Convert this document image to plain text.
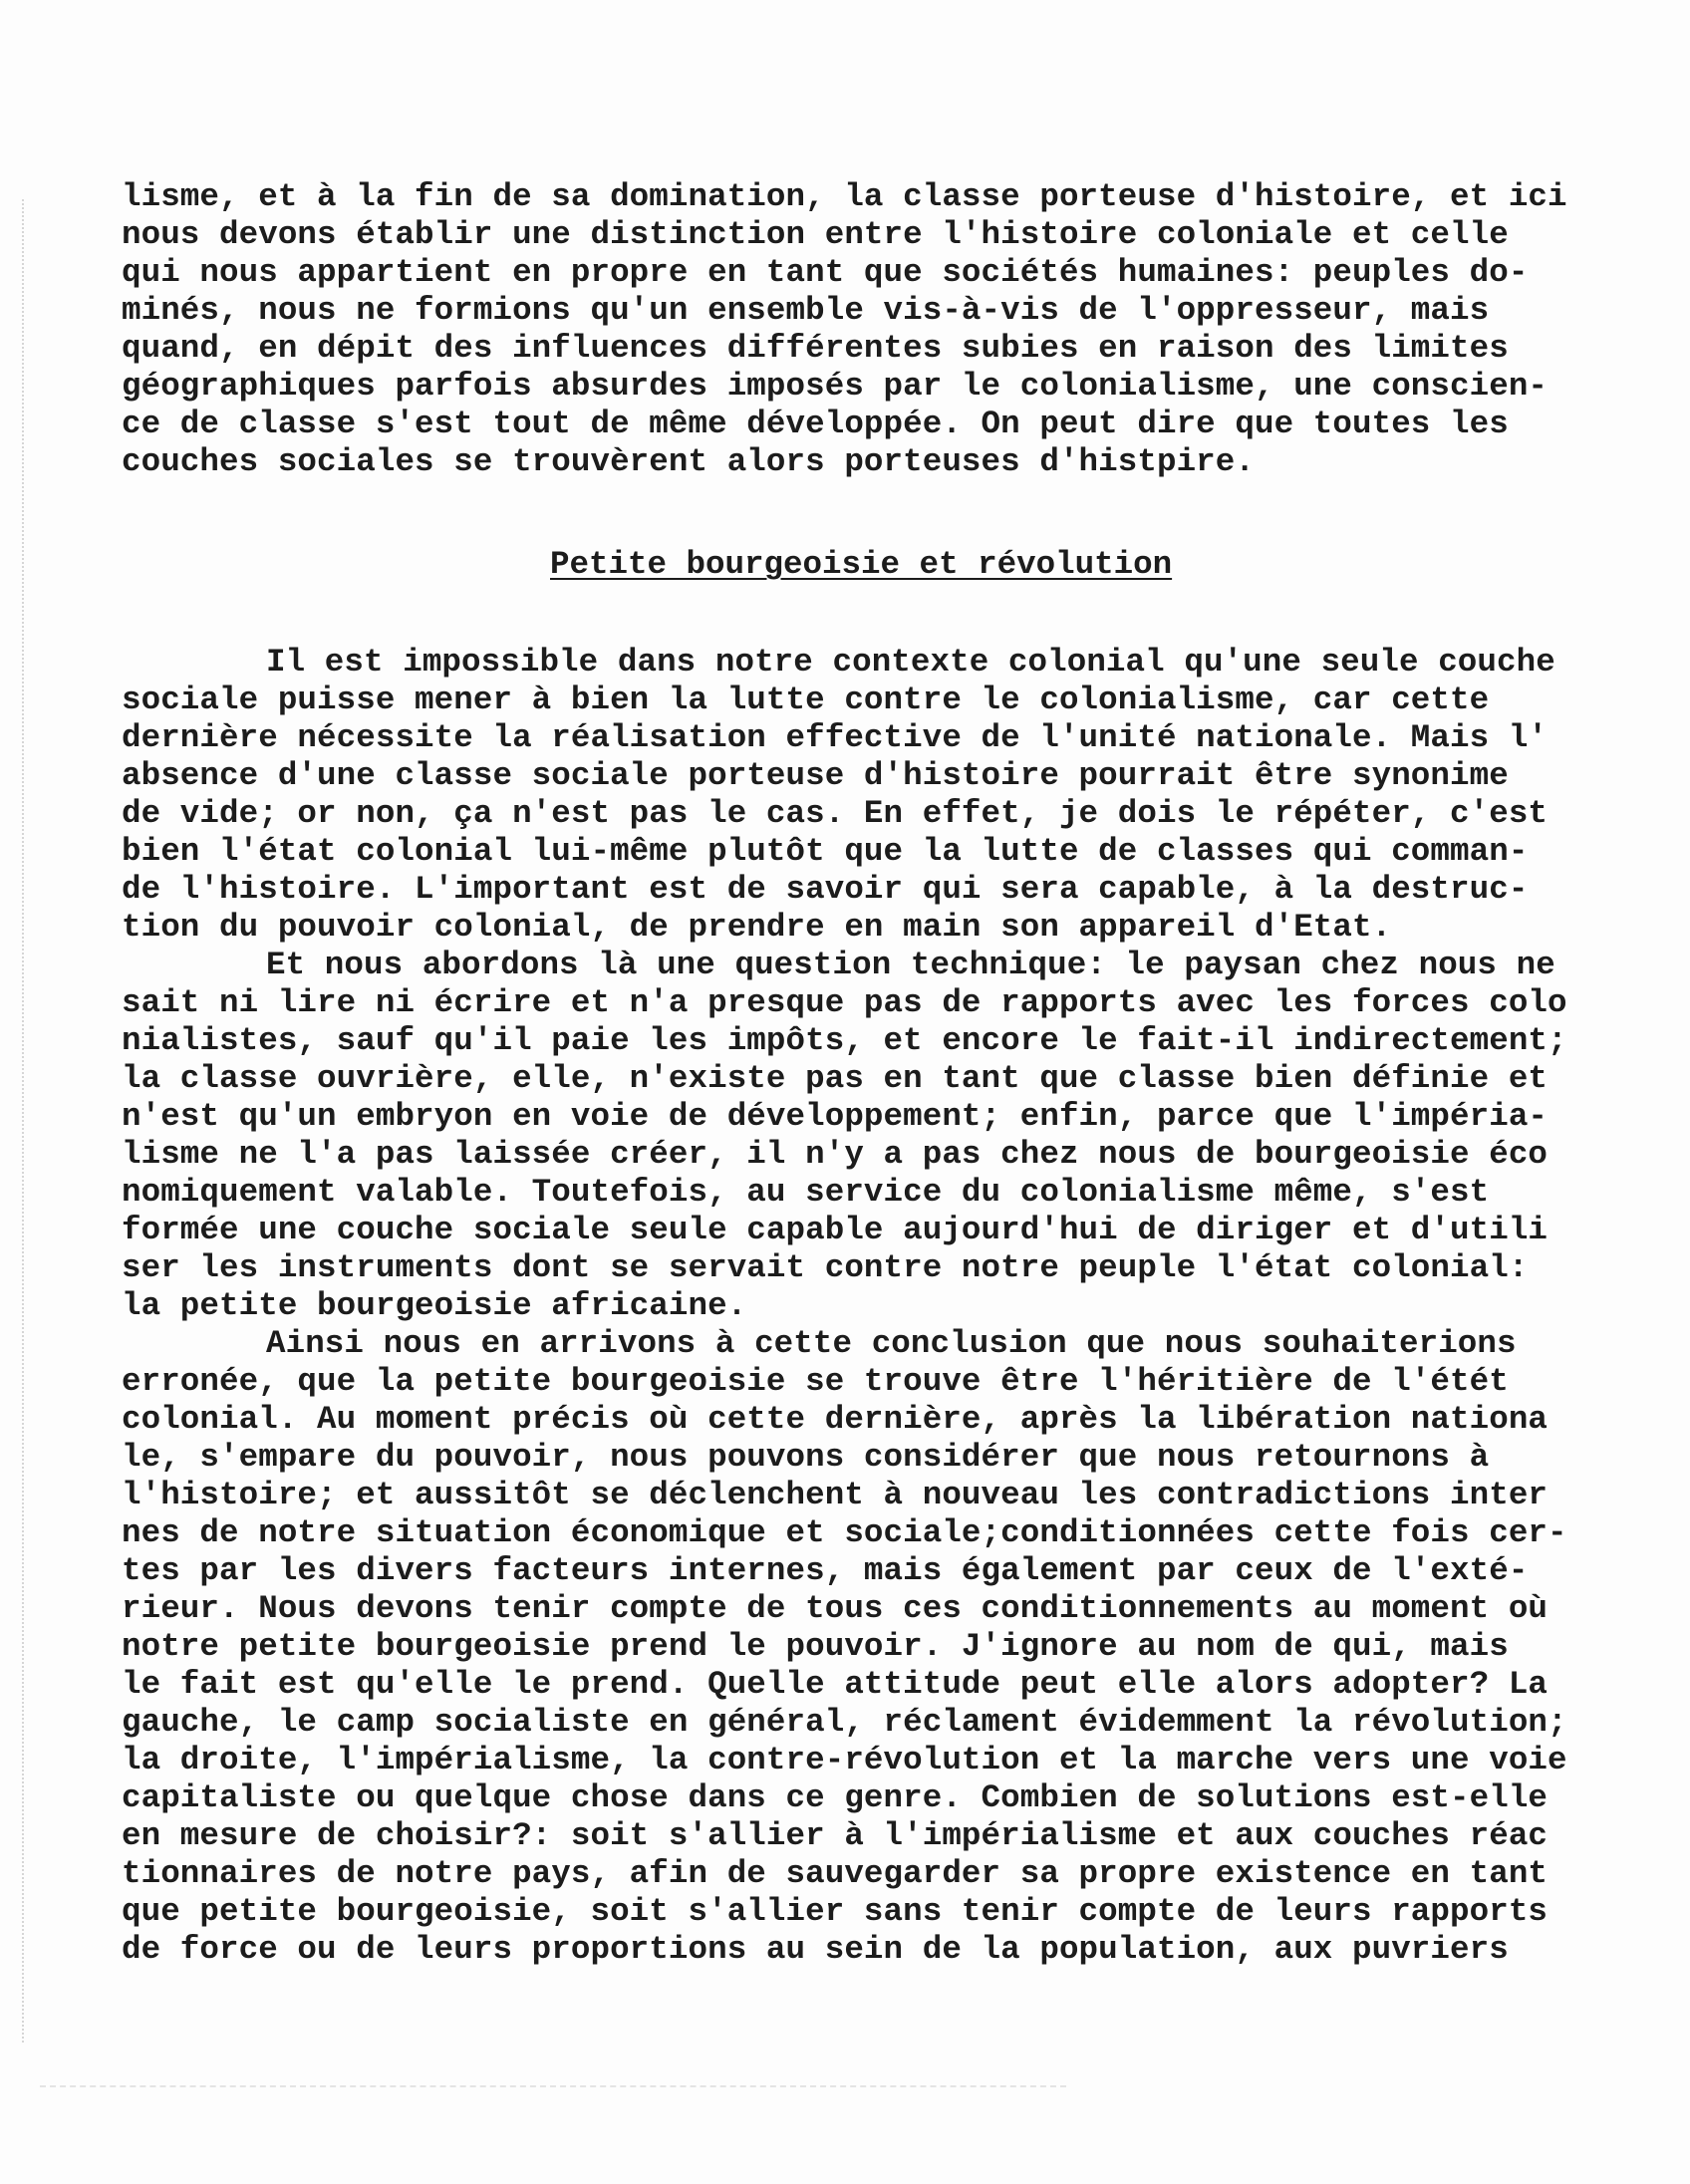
lisme, et à la fin de sa domination, la classe porteuse d'histoire, et ici
nous devons établir une distinction entre l'histoire coloniale et celle
qui nous appartient en propre en tant que sociétés humaines: peuples do-
minés, nous ne formions qu'un ensemble vis-à-vis de l'oppresseur, mais
quand, en dépit des influences différentes subies en raison des limites
géographiques parfois absurdes imposés par le colonialisme, une conscien-
ce de classe s'est tout de même développée. On peut dire que toutes les
couches sociales se trouvèrent alors porteuses d'histpire.
Petite bourgeoisie et révolution
Il est impossible dans notre contexte colonial qu'une seule couche
sociale puisse mener à bien la lutte contre le colonialisme, car cette
dernière nécessite la réalisation effective de l'unité nationale. Mais l'
absence d'une classe sociale porteuse d'histoire pourrait être synonime
de vide; or non, ça n'est pas le cas. En effet, je dois le répéter, c'est
bien l'état colonial lui-même plutôt que la lutte de classes qui comman-
de l'histoire. L'important est de savoir qui sera capable, à la destruc-
tion du pouvoir colonial, de prendre en main son appareil d'Etat.
Et nous abordons là une question technique: le paysan chez nous ne
sait ni lire ni écrire et n'a presque pas de rapports avec les forces colo
nialistes, sauf qu'il paie les impôts, et encore le fait-il indirectement;
la classe ouvrière, elle, n'existe pas en tant que classe bien définie et
n'est qu'un embryon en voie de développement; enfin, parce que l'impéria-
lisme ne l'a pas laissée créer, il n'y a pas chez nous de bourgeoisie éco
nomiquement valable. Toutefois, au service du colonialisme même, s'est
formée une couche sociale seule capable aujourd'hui de diriger et d'utili
ser les instruments dont se servait contre notre peuple l'état colonial:
la petite bourgeoisie africaine.
Ainsi nous en arrivons à cette conclusion que nous souhaiterions
erronée, que la petite bourgeoisie se trouve être l'héritière de l'étét
colonial. Au moment précis où cette dernière, après la libération nationa
le, s'empare du pouvoir, nous pouvons considérer que nous retournons à
l'histoire; et aussitôt se déclenchent à nouveau les contradictions inter
nes de notre situation économique et sociale;conditionnées cette fois cer-
tes par les divers facteurs internes, mais également par ceux de l'exté-
rieur. Nous devons tenir compte de tous ces conditionnements au moment où
notre petite bourgeoisie prend le pouvoir. J'ignore au nom de qui, mais
le fait est qu'elle le prend. Quelle attitude peut elle alors adopter? La
gauche, le camp socialiste en général, réclament évidemment la révolution;
la droite, l'impérialisme, la contre-révolution et la marche vers une voie
capitaliste ou quelque chose dans ce genre. Combien de solutions est-elle
en mesure de choisir?: soit s'allier à l'impérialisme et aux couches réac
tionnaires de notre pays, afin de sauvegarder sa propre existence en tant
que petite bourgeoisie, soit s'allier sans tenir compte de leurs rapports
de force ou de leurs proportions au sein de la population, aux puvriers
